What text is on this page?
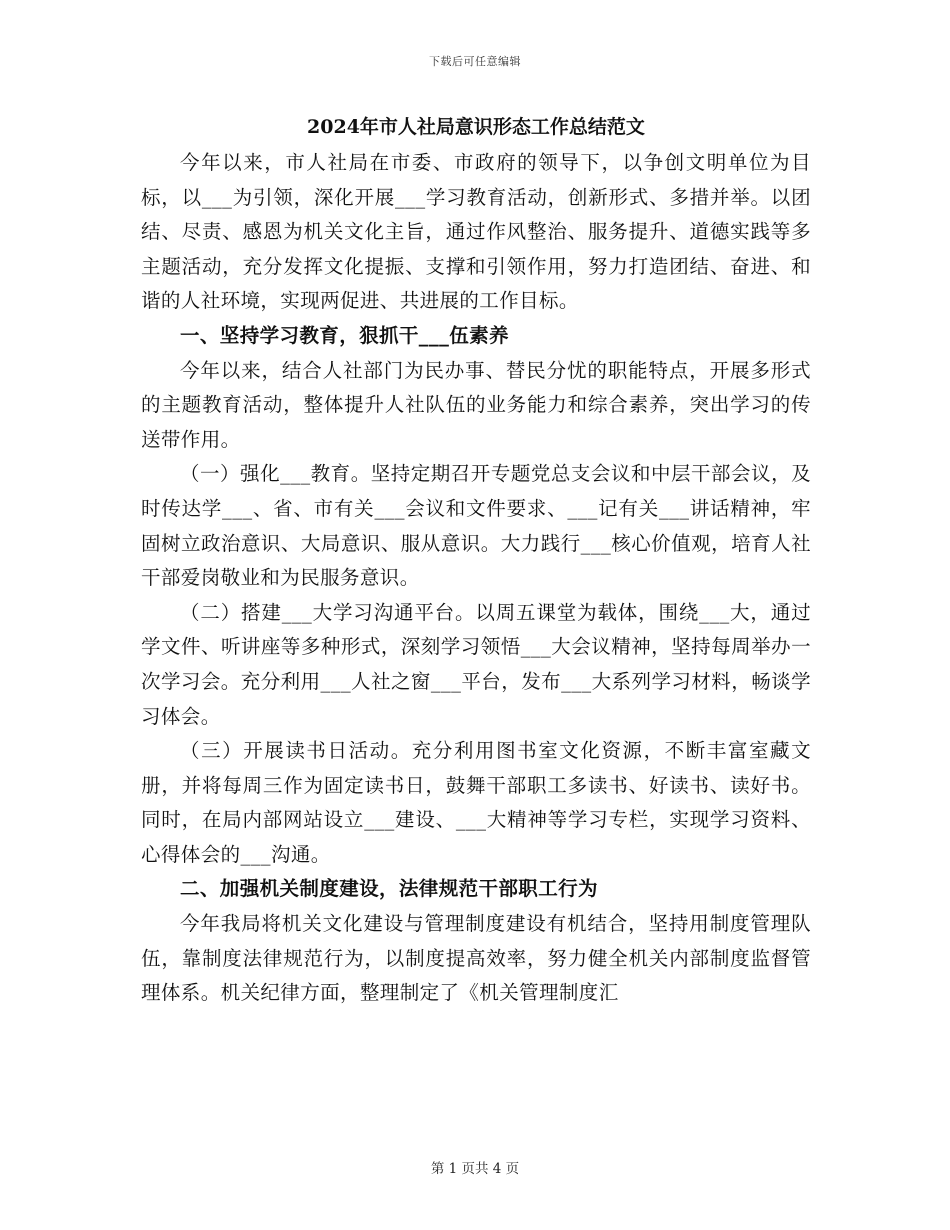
下载后可任意编辑
2024年市人社局意识形态工作总结范文

今年以来，市人社局在市委、市政府的领导下，以争创文明单位为目标，以___为引领，深化开展___学习教育活动，创新形式、多措并举。以团结、尽责、感恩为机关文化主旨，通过作风整治、服务提升、道德实践等多主题活动，充分发挥文化提振、支撑和引领作用，努力打造团结、奋进、和谐的人社环境，实现两促进、共进展的工作目标。

一、坚持学习教育，狠抓干___伍素养

今年以来，结合人社部门为民办事、替民分忧的职能特点，开展多形式的主题教育活动，整体提升人社队伍的业务能力和综合素养，突出学习的传送带作用。

（一）强化___教育。坚持定期召开专题党总支会议和中层干部会议，及时传达学___、省、市有关___会议和文件要求、___记有关___讲话精神，牢固树立政治意识、大局意识、服从意识。大力践行___核心价值观，培育人社干部爱岗敬业和为民服务意识。

（二）搭建___大学习沟通平台。以周五课堂为载体，围绕___大，通过学文件、听讲座等多种形式，深刻学习领悟___大会议精神，坚持每周举办一次学习会。充分利用___人社之窗___平台，发布___大系列学习材料，畅谈学习体会。

（三）开展读书日活动。充分利用图书室文化资源，不断丰富室藏文册，并将每周三作为固定读书日，鼓舞干部职工多读书、好读书、读好书。同时，在局内部网站设立___建设、___大精神等学习专栏，实现学习资料、心得体会的___沟通。

二、加强机关制度建设，法律规范干部职工行为

今年我局将机关文化建设与管理制度建设有机结合，坚持用制度管理队伍，靠制度法律规范行为，以制度提高效率，努力健全机关内部制度监督管理体系。机关纪律方面，整理制定了《机关管理制度汇

第 1 页共 4 页
